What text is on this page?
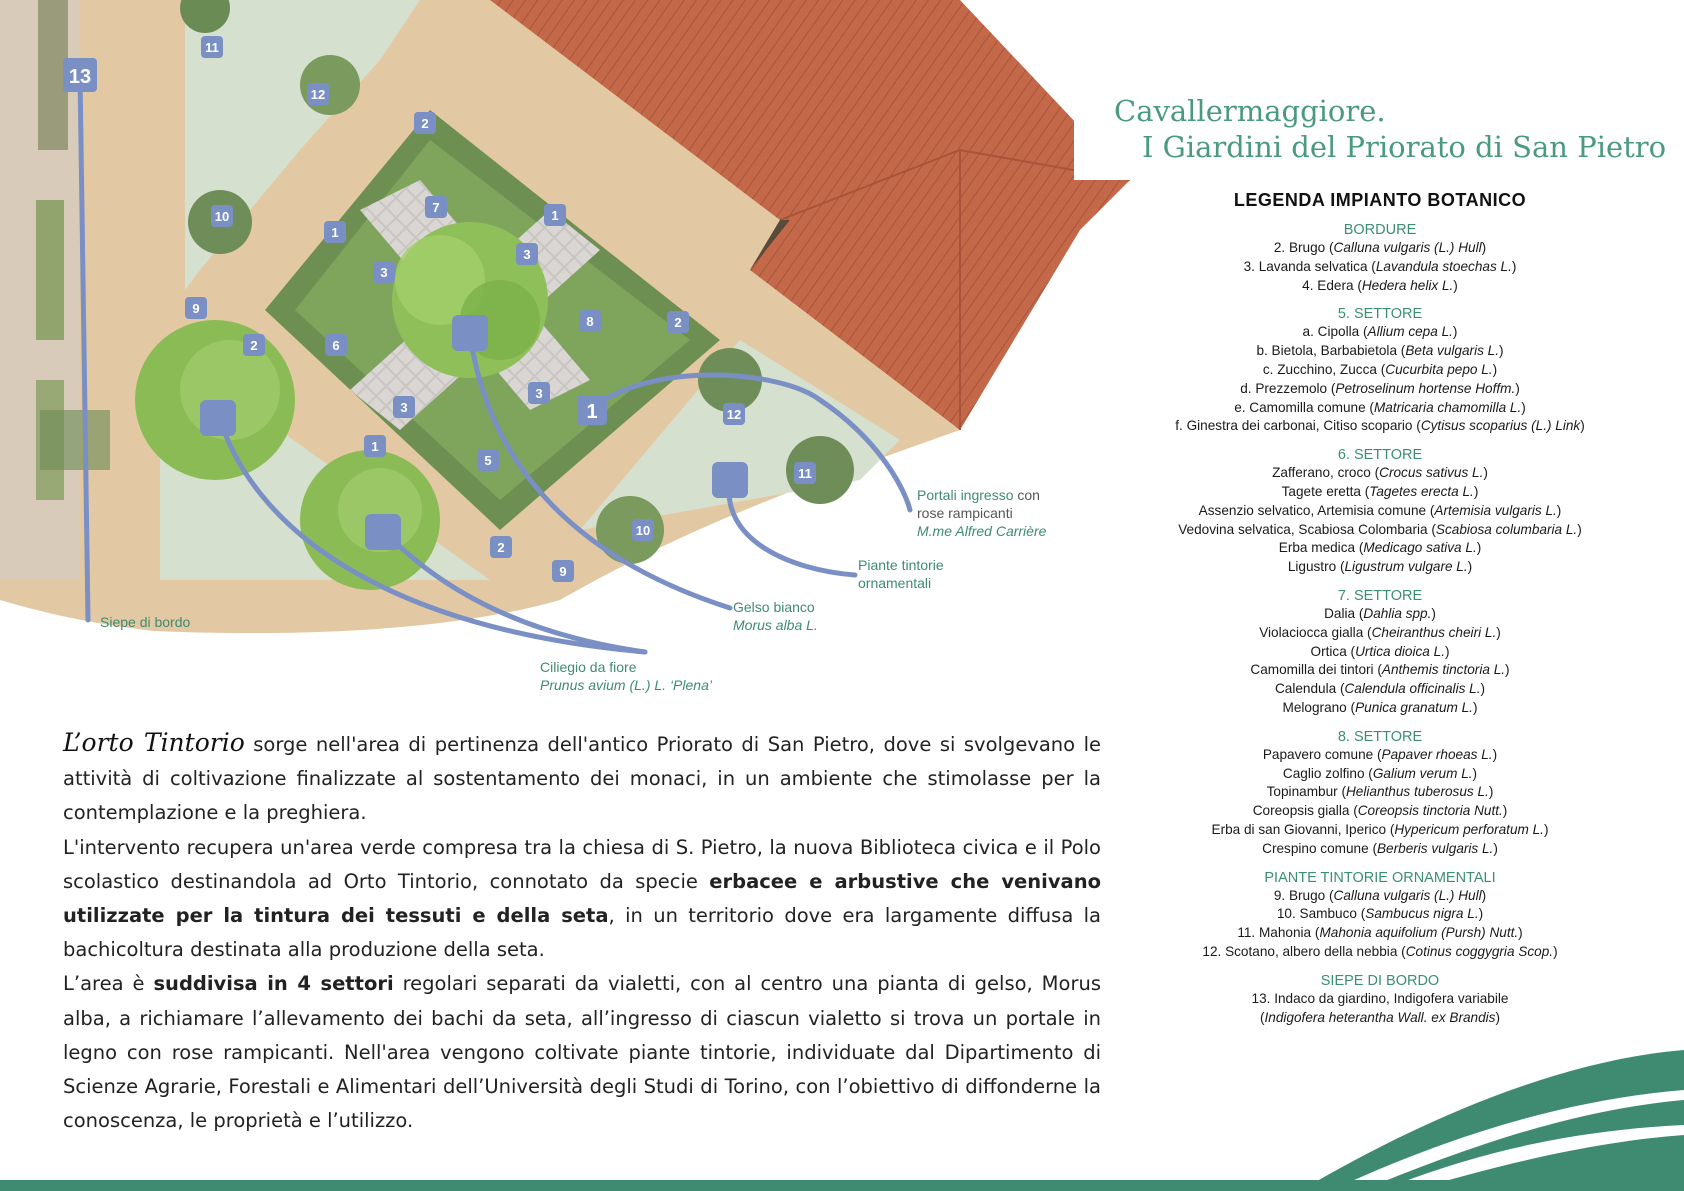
13
11
12
10
9
2
1
7
1
3
3
2
8	2
6
3
3
1
1
5
12
11
10
2
9
Siepe di bordo
Ciliegio da fiore
Prunus avium (L.) L. ‘Plena’
Gelso bianco
Morus alba L.
Piante tintorie
ornamentali
Portali ingresso con
rose rampicanti
M.me Alfred Carrière
Cavallermaggiore.
I Giardini del Priorato di San Pietro
LEGENDA IMPIANTO BOTANICO
BORDURE
2. Brugo (Calluna vulgaris (L.) Hull)
3. Lavanda selvatica (Lavandula stoechas L.)
4. Edera (Hedera helix L.)
5. SETTORE
a. Cipolla (Allium cepa L.)
b. Bietola, Barbabietola (Beta vulgaris L.)
c. Zucchino, Zucca (Cucurbita pepo L.)
d. Prezzemolo (Petroselinum hortense Hoffm.)
e. Camomilla comune (Matricaria chamomilla L.)
f. Ginestra dei carbonai, Citiso scopario (Cytisus scoparius (L.) Link)
6. SETTORE
Zafferano, croco (Crocus sativus L.)
Tagete eretta (Tagetes erecta L.)
Assenzio selvatico, Artemisia comune (Artemisia vulgaris L.)
Vedovina selvatica, Scabiosa Colombaria (Scabiosa columbaria L.)
Erba medica (Medicago sativa L.)
Ligustro (Ligustrum vulgare L.)
7. SETTORE
Dalia (Dahlia spp.)
Violaciocca gialla (Cheiranthus cheiri L.)
Ortica (Urtica dioica L.)
Camomilla dei tintori (Anthemis tinctoria L.)
Calendula (Calendula officinalis L.)
Melograno (Punica granatum L.)
8. SETTORE
Papavero comune (Papaver rhoeas L.)
Caglio zolfino (Galium verum L.)
Topinambur (Helianthus tuberosus L.)
Coreopsis gialla (Coreopsis tinctoria Nutt.)
Erba di san Giovanni, Iperico (Hypericum perforatum L.)
Crespino comune (Berberis vulgaris L.)
PIANTE TINTORIE ORNAMENTALI
9. Brugo (Calluna vulgaris (L.) Hull)
10. Sambuco (Sambucus nigra L.)
11. Mahonia (Mahonia aquifolium (Pursh) Nutt.)
12. Scotano, albero della nebbia (Cotinus coggygria Scop.)
SIEPE DI BORDO
13. Indaco da giardino, Indigofera variabile
(Indigofera heterantha Wall. ex Brandis)

L’orto Tintorio sorge nell'area di pertinenza dell'antico Priorato di San Pietro, dove si svolgevano le attività di coltivazione finalizzate al sostentamento dei monaci, in un ambiente che stimolasse per la contemplazione e la preghiera.

L'intervento recupera un'area verde compresa tra la chiesa di S. Pietro, la nuova Biblioteca civica e il Polo scolastico destinandola ad Orto Tintorio, connotato da specie erbacee e arbustive che venivano utilizzate per la tintura dei tessuti e della seta, in un territorio dove era largamente diffusa la bachicoltura destinata alla produzione della seta.

L’area è suddivisa in 4 settori regolari separati da vialetti, con al centro una pianta di gelso, Morus alba, a richiamare l’allevamento dei bachi da seta, all’ingresso di ciascun vialetto si trova un portale in legno con rose rampicanti. Nell'area vengono coltivate piante tintorie, individuate dal Dipartimento di Scienze Agrarie, Forestali e Alimentari dell’Università degli Studi di Torino, con l’obiettivo di diffonderne la conoscenza, le proprietà e l’utilizzo.
